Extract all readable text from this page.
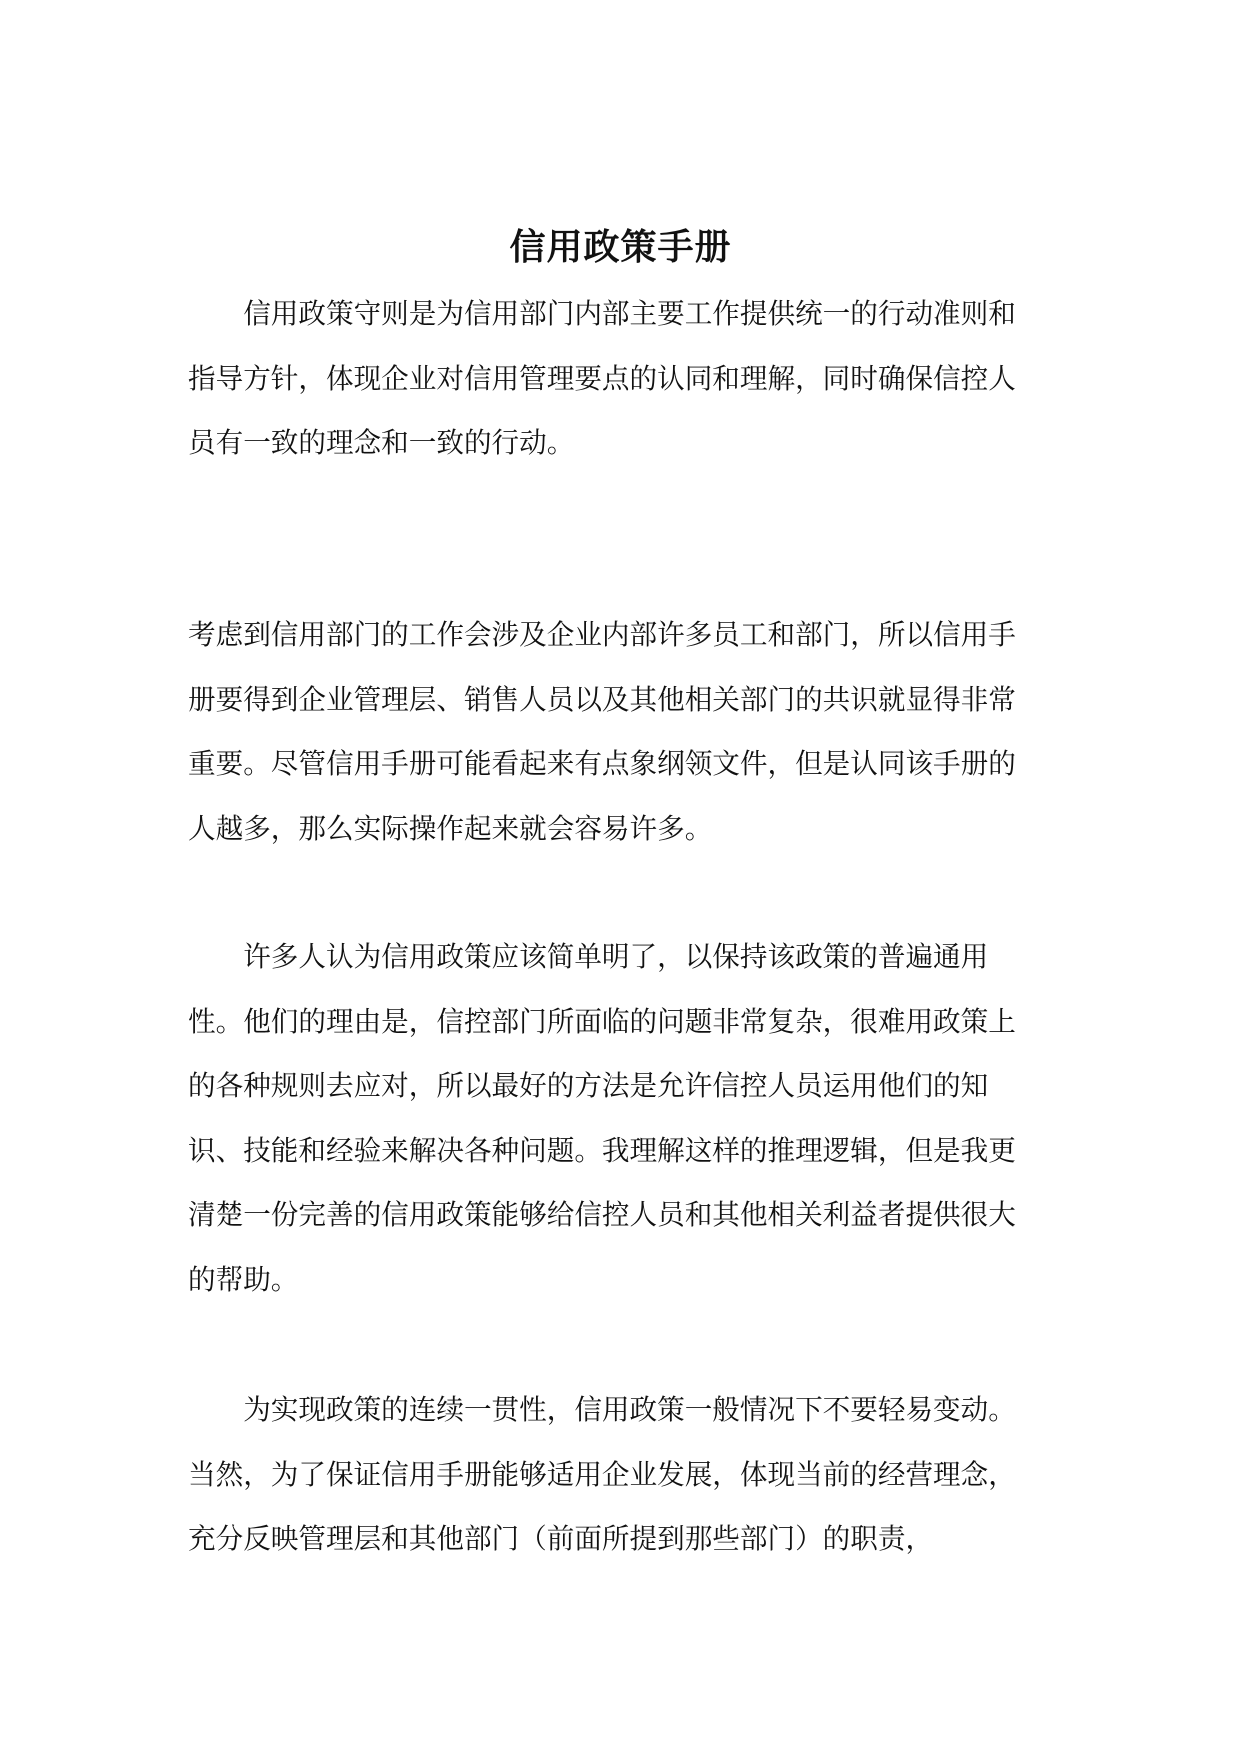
信用政策手册

信用政策守则是为信用部门内部主要工作提供统一的行动准则和指导方针，体现企业对信用管理要点的认同和理解，同时确保信控人员有一致的理念和一致的行动。

考虑到信用部门的工作会涉及企业内部许多员工和部门，所以信用手册要得到企业管理层、销售人员以及其他相关部门的共识就显得非常重要。尽管信用手册可能看起来有点象纲领文件，但是认同该手册的人越多，那么实际操作起来就会容易许多。

许多人认为信用政策应该简单明了，以保持该政策的普遍通用性。他们的理由是，信控部门所面临的问题非常复杂，很难用政策上的各种规则去应对，所以最好的方法是允许信控人员运用他们的知识、技能和经验来解决各种问题。我理解这样的推理逻辑，但是我更清楚一份完善的信用政策能够给信控人员和其他相关利益者提供很大的帮助。

为实现政策的连续一贯性，信用政策一般情况下不要轻易变动。当然，为了保证信用手册能够适用企业发展，体现当前的经营理念，充分反映管理层和其他部门（前面所提到那些部门）的职责，
